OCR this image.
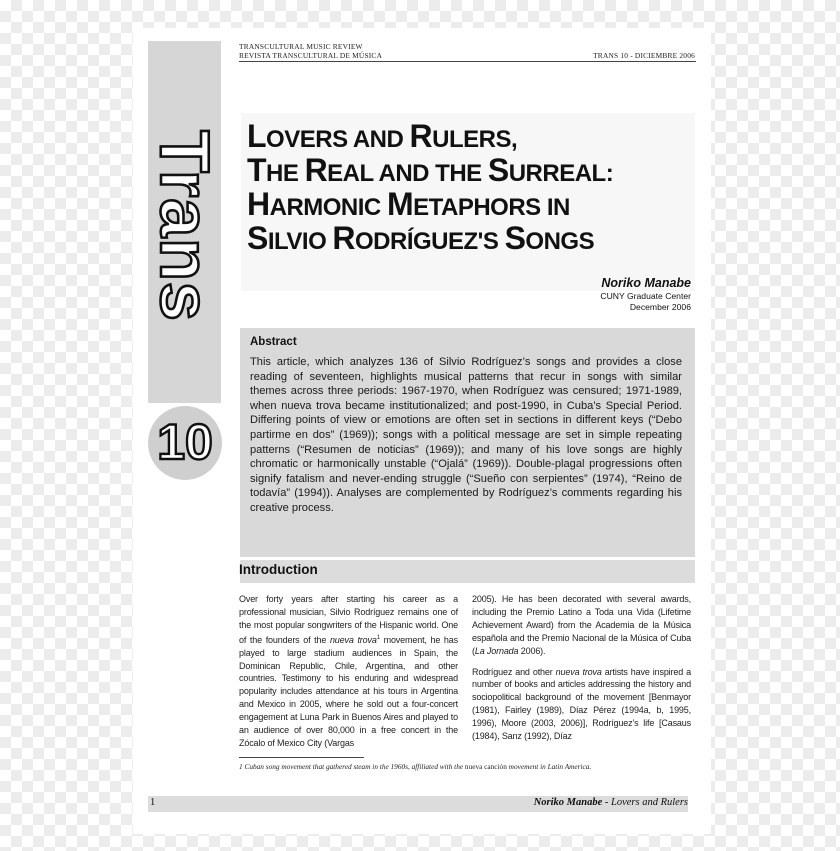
TRANSCULTURAL MUSIC REVIEW
REVISTA TRANSCULTURAL DE MÚSICA	TRANS 10 - DICIEMBRE 2006
Trans
10
LOVERS AND RULERS,
THE REAL AND THE SURREAL:
HARMONIC METAPHORS IN
SILVIO RODRÍGUEZ'S SONGS
Noriko Manabe
CUNY Graduate Center
December 2006
Abstract
This article, which analyzes 136 of Silvio Rodríguez’s songs and provides a close reading of seventeen, highlights musical patterns that recur in songs with similar themes across three periods: 1967-1970, when Rodríguez was censured; 1971-1989, when nueva trova became institutionalized; and post-1990, in Cuba’s Special Period. Differing points of view or emotions are often set in sections in different keys (“Debo partirme en dos” (1969)); songs with a political message are set in simple repeating patterns (“Resumen de noticias” (1969)); and many of his love songs are highly chromatic or harmonically unstable (“Ojalá” (1969)). Double-plagal progressions often signify fatalism and never-ending struggle (“Sueño con serpientes” (1974), “Reino de todavía” (1994)). Analyses are complemented by Rodríguez’s comments regarding his creative process.
Introduction

Over forty years after starting his career as a professional musician, Silvio Rodríguez remains one of the most popular songwriters of the Hispanic world. One of the founders of the nueva trova$^1$ movement, he has played to large stadium audiences in Spain, the Dominican Republic, Chile, Argentina, and other countries. Testimony to his enduring and widespread popularity includes attendance at his tours in Argentina and Mexico in 2005, where he sold out a four-concert engagement at Luna Park in Buenos Aires and played to an audience of over 80,000 in a free concert in the Zócalo of Mexico City (Vargas

2005). He has been decorated with several awards, including the Premio Latino a Toda una Vida (Lifetime Achievement Award) from the Academia de la Música española and the Premio Nacional de la Música of Cuba (La Jornada 2006).

Rodríguez and other nueva trova artists have inspired a number of books and articles addressing the history and sociopolitical background of the movement [Benmayor (1981), Fairley (1989), Díaz Pérez (1994a, b, 1995, 1996), Moore (2003, 2006)], Rodríguez’s life [Casaus (1984), Sanz (1992), Díaz

1 Cuban song movement that gathered steam in the 1960s, affiliated with the nueva canción movement in Latin America.
1	Noriko Manabe - Lovers and Rulers
